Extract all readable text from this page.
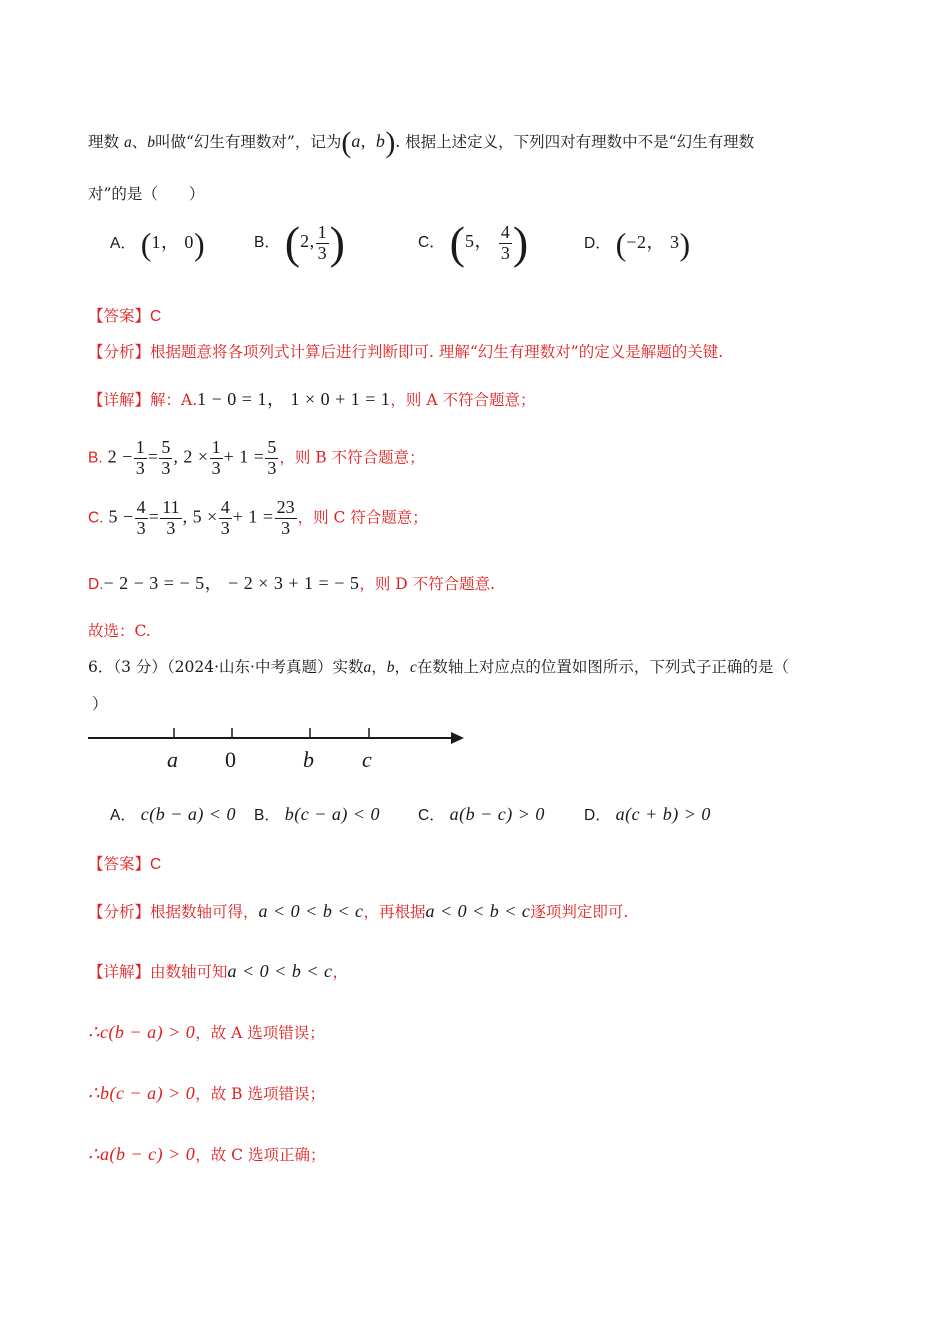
理数 a、b叫做“幻生有理数对”，记为(a,  b). 根据上述定义，下列四对有理数中不是“幻生有理数
对”的是（　　）
A． (1， 0)	B． (2, $\frac{1}{3}$ )	C． (5， $\frac{4}{3}$ )	D． (−2， 3)
【答案】C
【分析】根据题意将各项列式计算后进行判断即可. 理解“幻生有理数对”的定义是解题的关键.
【详解】解：A.1 − 0 = 1， 1 × 0 + 1 = 1，则 A 不符合题意；
B. $2 - \frac{1}{3} = \frac{5}{3}$ , $2 \times \frac{1}{3} + 1 = \frac{5}{3}$ ，则 B 不符合题意；
C. $5 - \frac{4}{3} = \frac{11}{3}$ , $5 \times \frac{4}{3} + 1 = \frac{23}{3}$ ，则 C 符合题意；
D.− 2 − 3 = − 5， − 2 × 3 + 1 = − 5，则 D 不符合题意.
故选：C.
6．（3 分）（2024·山东·中考真题）实数a，b，c在数轴上对应点的位置如图所示，下列式子正确的是（
）
a 0	b c
A． c(b − a) < 0 B． b(c − a) < 0 C． a(b − c) > 0	D． a(c + b) > 0
【答案】C
【分析】根据数轴可得，a < 0 < b < c，再根据a < 0 < b < c逐项判定即可.
【详解】由数轴可知a < 0 < b < c，
∴c(b − a) > 0，故 A 选项错误；
∴b(c − a) > 0，故 B 选项错误；
∴a(b − c) > 0，故 C 选项正确；
